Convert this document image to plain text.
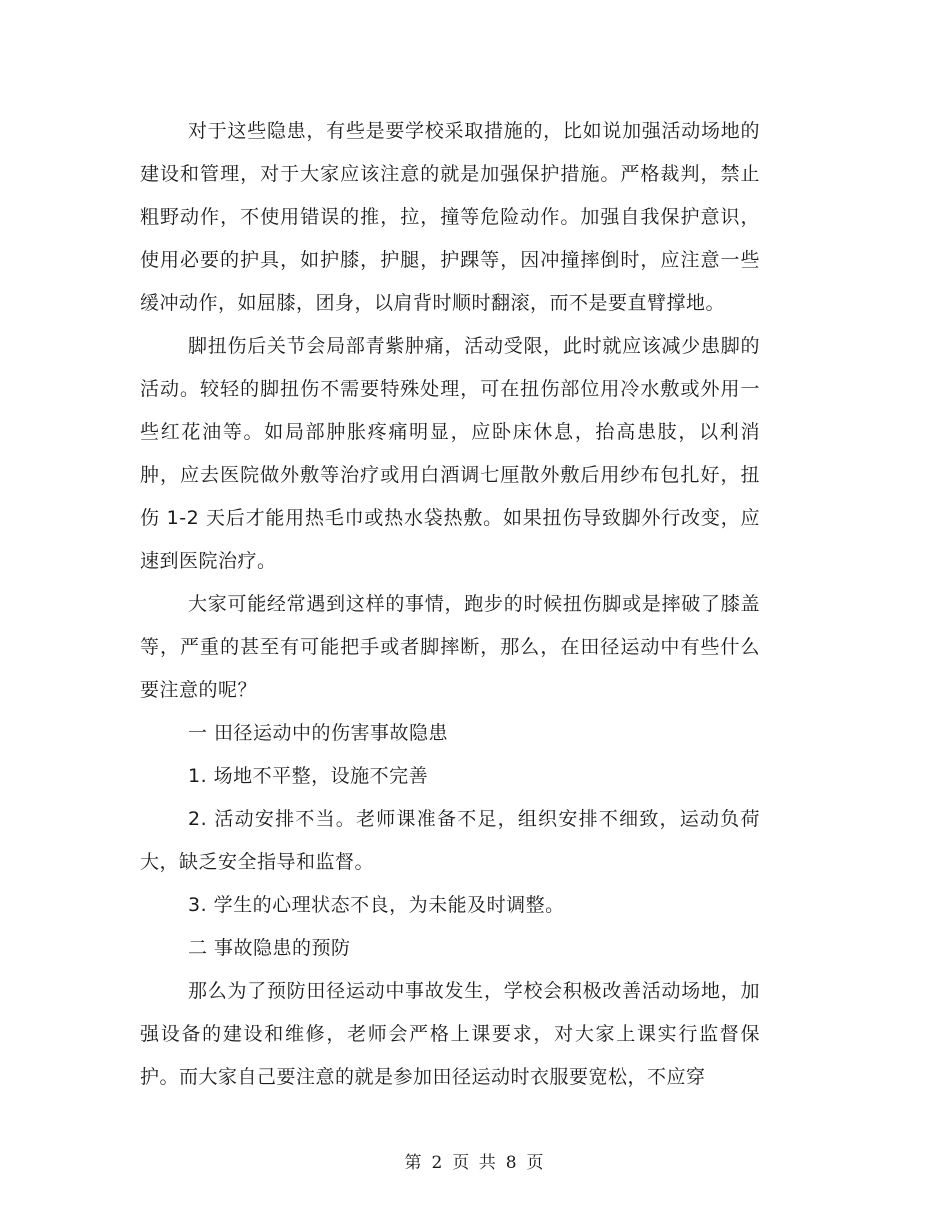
对于这些隐患，有些是要学校采取措施的，比如说加强活动场地的建设和管理，对于大家应该注意的就是加强保护措施。严格裁判，禁止粗野动作，不使用错误的推，拉，撞等危险动作。加强自我保护意识，使用必要的护具，如护膝，护腿，护踝等，因冲撞摔倒时，应注意一些缓冲动作，如屈膝，团身，以肩背时顺时翻滚，而不是要直臂撑地。

脚扭伤后关节会局部青紫肿痛，活动受限，此时就应该减少患脚的活动。较轻的脚扭伤不需要特殊处理，可在扭伤部位用冷水敷或外用一些红花油等。如局部肿胀疼痛明显，应卧床休息，抬高患肢，以利消肿，应去医院做外敷等治疗或用白酒调七厘散外敷后用纱布包扎好，扭伤 1-2 天后才能用热毛巾或热水袋热敷。如果扭伤导致脚外行改变，应速到医院治疗。

大家可能经常遇到这样的事情，跑步的时候扭伤脚或是摔破了膝盖等，严重的甚至有可能把手或者脚摔断，那么，在田径运动中有些什么要注意的呢？

一 田径运动中的伤害事故隐患

1. 场地不平整，设施不完善

2. 活动安排不当。老师课准备不足，组织安排不细致，运动负荷大，缺乏安全指导和监督。

3. 学生的心理状态不良，为未能及时调整。

二 事故隐患的预防

那么为了预防田径运动中事故发生，学校会积极改善活动场地，加强设备的建设和维修，老师会严格上课要求，对大家上课实行监督保护。而大家自己要注意的就是参加田径运动时衣服要宽松，不应穿

第 2 页 共 8 页
